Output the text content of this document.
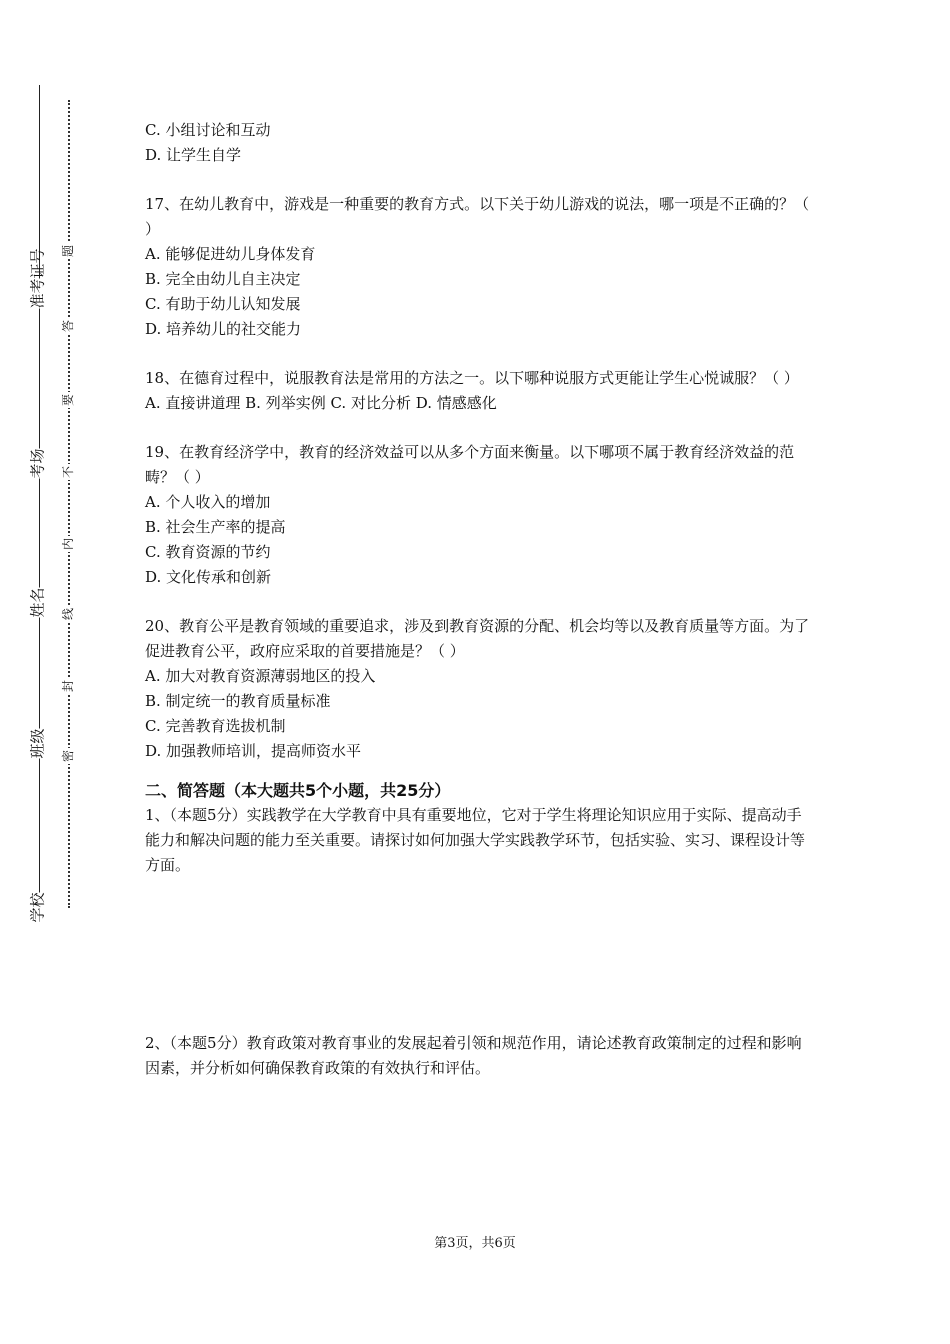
准考证号
考场
姓名
班级
学校
题
答
要
不
内
线
封
密

C. 小组讨论和互动

D. 让学生自学

17、在幼儿教育中，游戏是一种重要的教育方式。以下关于幼儿游戏的说法，哪一项是不正确的？（ ）

A. 能够促进幼儿身体发育

B. 完全由幼儿自主决定

C. 有助于幼儿认知发展

D. 培养幼儿的社交能力

18、在德育过程中，说服教育法是常用的方法之一。以下哪种说服方式更能让学生心悦诚服？（ ）

A. 直接讲道理 B. 列举实例 C. 对比分析 D. 情感感化

19、在教育经济学中，教育的经济效益可以从多个方面来衡量。以下哪项不属于教育经济效益的范畴？（ ）

A. 个人收入的增加

B. 社会生产率的提高

C. 教育资源的节约

D. 文化传承和创新

20、教育公平是教育领域的重要追求，涉及到教育资源的分配、机会均等以及教育质量等方面。为了促进教育公平，政府应采取的首要措施是？（ ）

A. 加大对教育资源薄弱地区的投入

B. 制定统一的教育质量标准

C. 完善教育选拔机制

D. 加强教师培训，提高师资水平

二、简答题（本大题共5个小题，共25分）

1、（本题5分）实践教学在大学教育中具有重要地位，它对于学生将理论知识应用于实际、提高动手能力和解决问题的能力至关重要。请探讨如何加强大学实践教学环节，包括实验、实习、课程设计等方面。

2、（本题5分）教育政策对教育事业的发展起着引领和规范作用，请论述教育政策制定的过程和影响因素，并分析如何确保教育政策的有效执行和评估。

第3页，共6页
